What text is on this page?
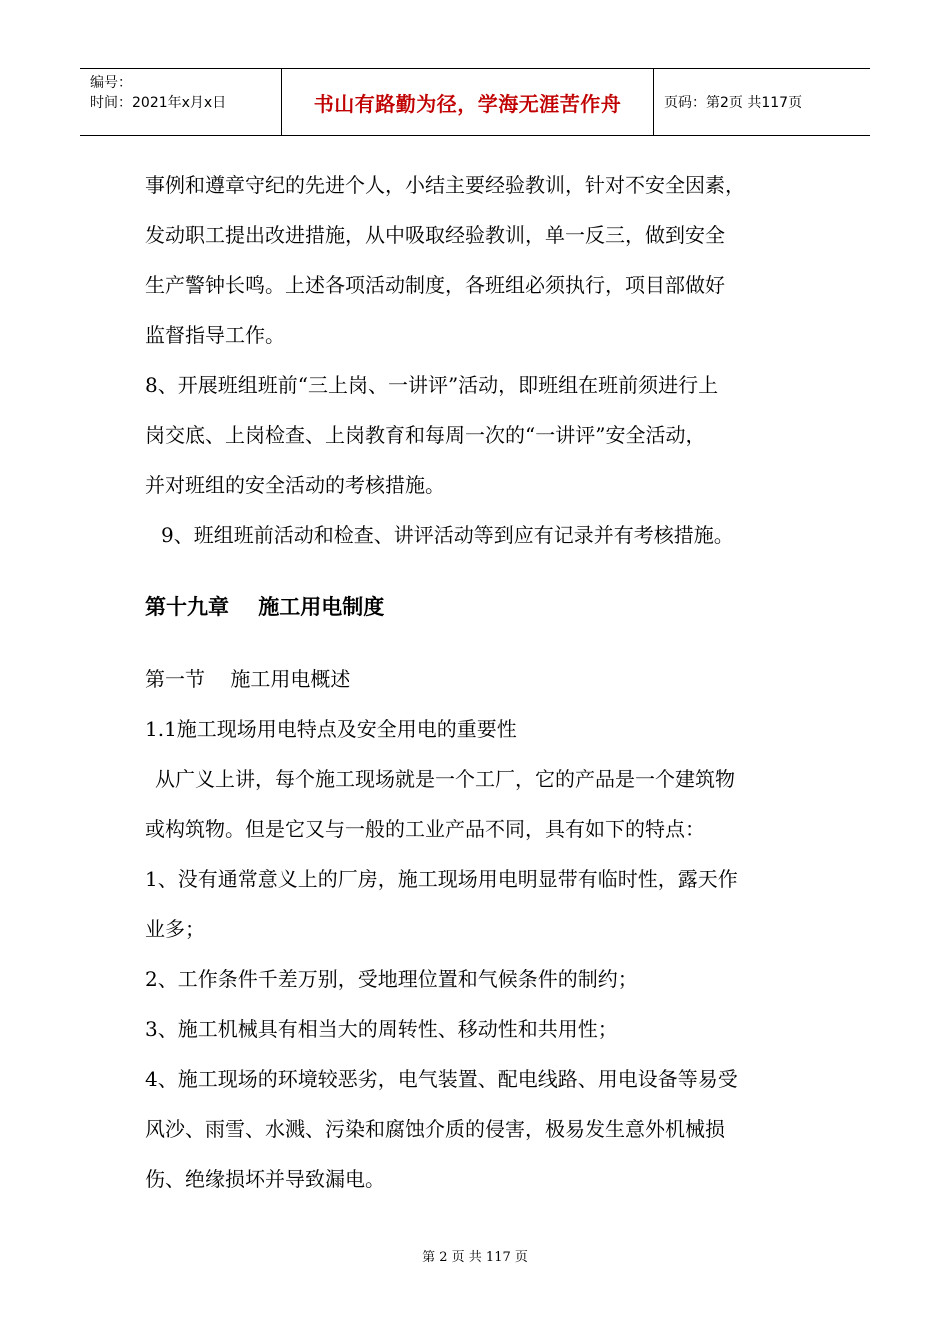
编号：
时间：2021年x月x日	书山有路勤为径，学海无涯苦作舟	页码：第2页 共117页

事例和遵章守纪的先进个人，小结主要经验教训，针对不安全因素，

发动职工提出改进措施，从中吸取经验教训，单一反三，做到安全

生产警钟长鸣。上述各项活动制度，各班组必须执行，项目部做好

监督指导工作。

8、开展班组班前“三上岗、一讲评”活动，即班组在班前须进行上

岗交底、上岗检查、上岗教育和每周一次的“一讲评”安全活动，

并对班组的安全活动的考核措施。

9、班组班前活动和检查、讲评活动等到应有记录并有考核措施。

第十九章    施工用电制度
第一节    施工用电概述

1.1施工现场用电特点及安全用电的重要性

从广义上讲，每个施工现场就是一个工厂，它的产品是一个建筑物

或构筑物。但是它又与一般的工业产品不同，具有如下的特点：

1、没有通常意义上的厂房，施工现场用电明显带有临时性，露天作

业多；

2、工作条件千差万别，受地理位置和气候条件的制约；

3、施工机械具有相当大的周转性、移动性和共用性；

4、施工现场的环境较恶劣，电气装置、配电线路、用电设备等易受

风沙、雨雪、水溅、污染和腐蚀介质的侵害，极易发生意外机械损

伤、绝缘损坏并导致漏电。

第 2 页 共 117 页
